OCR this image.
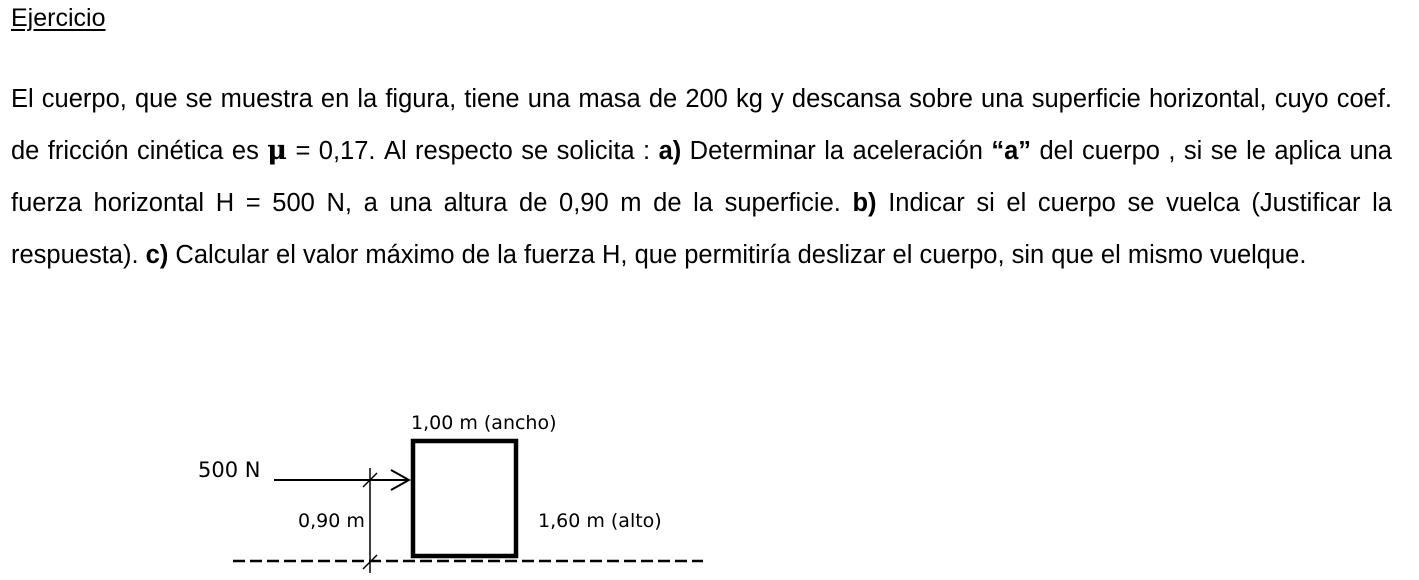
Ejercicio

El cuerpo, que se muestra en la figura, tiene una masa de 200 kg y descansa sobre una superficie horizontal, cuyo coef. de fricción cinética es μ = 0,17. Al respecto se solicita : a) Determinar la aceleración “a” del cuerpo , si se le aplica una fuerza horizontal H = 500 N, a una altura de 0,90 m de la superficie. b) Indicar si el cuerpo se vuelca (Justificar la respuesta). c) Calcular el valor máximo de la fuerza H, que permitiría deslizar el cuerpo, sin que el mismo vuelque.

500 N
1,00 m (ancho)
1,60 m (alto)
0,90 m
